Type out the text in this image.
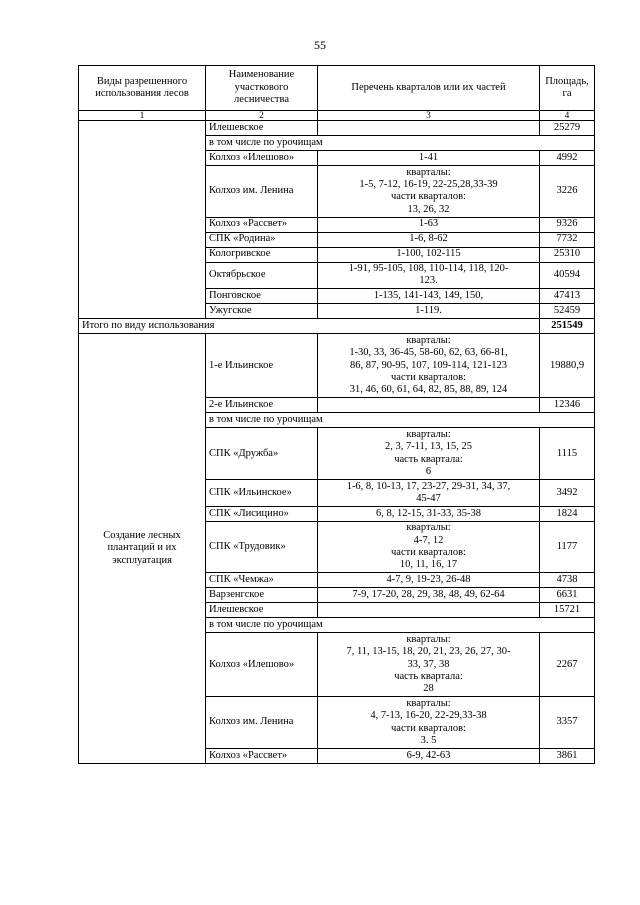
55
Виды разрешенного использования лесов	Наименование участкового лесничества	Перечень кварталов или их частей	Площадь, га
1	2	3	4
	Илешевское		25279
	в том числе по урочищам		
	Колхоз «Илешово»	1-41	4992
	Колхоз им. Ленина	кварталы:
1-5, 7-12, 16-19, 22-25,28,33-39
части кварталов:
13, 26, 32	3226
	Колхоз «Рассвет»	1-63	9326
	СПК «Родина»	1-6, 8-62	7732
	Кологривское	1-100, 102-115	25310
	Октябрьское	1-91, 95-105, 108, 110-114, 118, 120-
123.	40594
	Понговское	1-135, 141-143, 149, 150,	47413
	Ужугское	1-119.	52459
Итого по виду использования			251549
Создание лесных плантаций и их эксплуатация	1-е Ильинское	кварталы:
1-30, 33, 36-45, 58-60, 62, 63, 66-81,
86, 87, 90-95, 107, 109-114, 121-123
части кварталов:
31, 46, 60, 61, 64, 82, 85, 88, 89, 124	19880,9
	2-е Ильинское		12346
	в том числе по урочищам		
	СПК «Дружба»	кварталы:
2, 3, 7-11, 13, 15, 25
часть квартала:
6	1115
	СПК «Ильинское»	1-6, 8, 10-13, 17, 23-27, 29-31, 34, 37,
45-47	3492
	СПК «Лисицино»	6, 8, 12-15, 31-33, 35-38	1824
	СПК «Трудовик»	кварталы:
4-7, 12
части кварталов:
10, 11, 16, 17	1177
	СПК «Чемжа»	4-7, 9, 19-23, 26-48	4738
	Варзенгское	7-9, 17-20, 28, 29, 38, 48, 49, 62-64	6631
	Илешевское		15721
	в том числе по урочищам		
	Колхоз «Илешово»	кварталы:
7, 11, 13-15, 18, 20, 21, 23, 26, 27, 30-
33, 37, 38
часть квартала:
28	2267
	Колхоз им. Ленина	кварталы:
4, 7-13, 16-20, 22-29,33-38
части кварталов:
3. 5	3357
	Колхоз «Рассвет»	6-9, 42-63	3861
